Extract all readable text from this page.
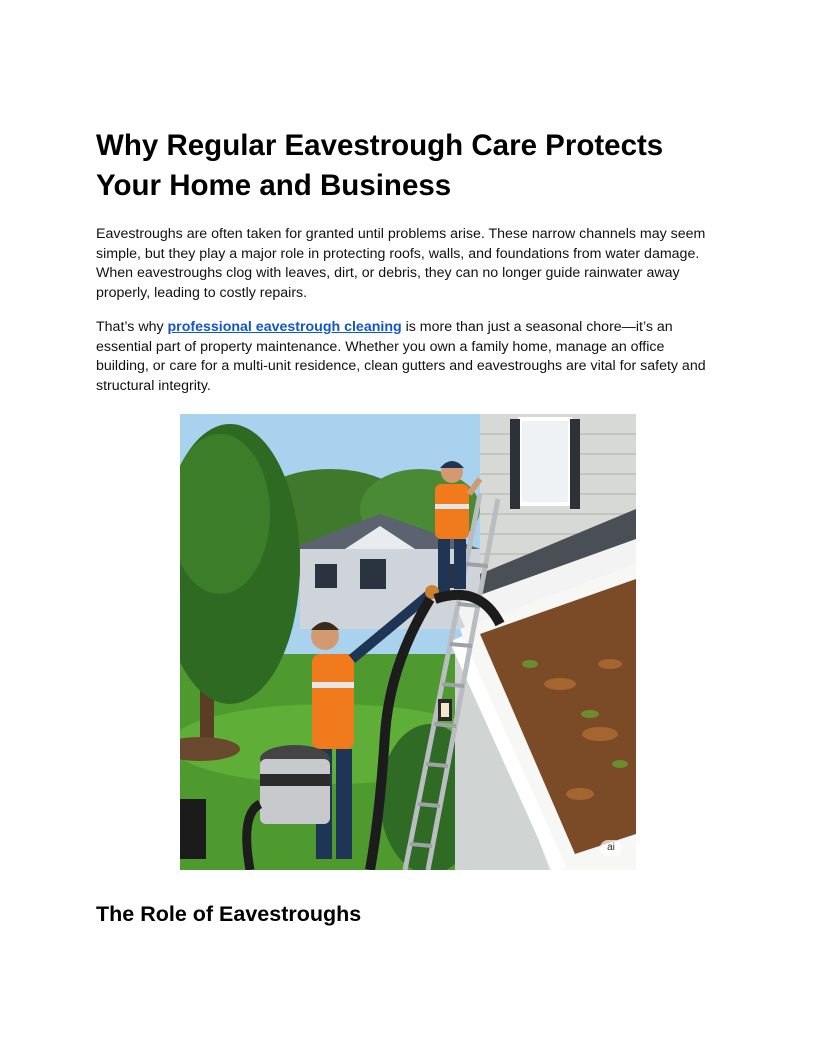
Why Regular Eavestrough Care Protects Your Home and Business

Eavestroughs are often taken for granted until problems arise. These narrow channels may seem simple, but they play a major role in protecting roofs, walls, and foundations from water damage. When eavestroughs clog with leaves, dirt, or debris, they can no longer guide rainwater away properly, leading to costly repairs.

That’s why professional eavestrough cleaning is more than just a seasonal chore—it’s an essential part of property maintenance. Whether you own a family home, manage an office building, or care for a multi-unit residence, clean gutters and eavestroughs are vital for safety and structural integrity.

ai
The Role of Eavestroughs
